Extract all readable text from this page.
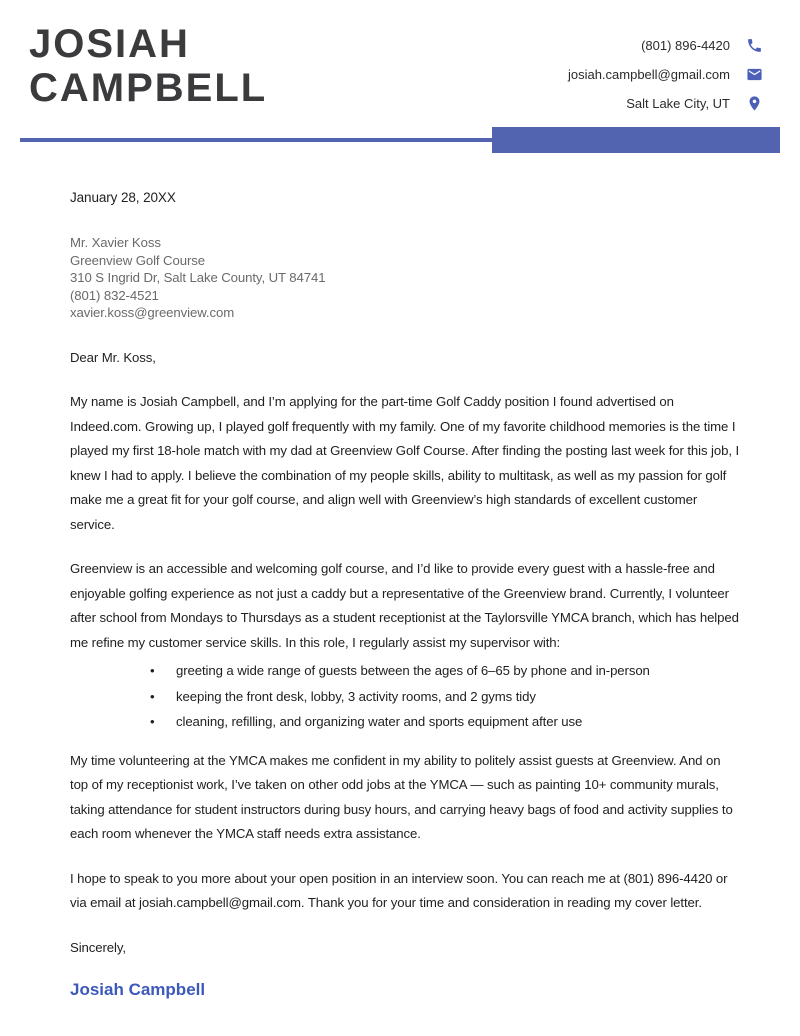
JOSIAH
CAMPBELL
(801) 896-4420
josiah.campbell@gmail.com
Salt Lake City, UT
January 28, 20XX
Mr. Xavier Koss
Greenview Golf Course
310 S Ingrid Dr, Salt Lake County, UT 84741
(801) 832-4521
xavier.koss@greenview.com
Dear Mr. Koss,
My name is Josiah Campbell, and I’m applying for the part-time Golf Caddy position I found advertised on Indeed.com. Growing up, I played golf frequently with my family. One of my favorite childhood memories is the time I played my first 18-hole match with my dad at Greenview Golf Course. After finding the posting last week for this job, I knew I had to apply. I believe the combination of my people skills, ability to multitask, as well as my passion for golf make me a great fit for your golf course, and align well with Greenview’s high standards of excellent customer service.
Greenview is an accessible and welcoming golf course, and I’d like to provide every guest with a hassle-free and enjoyable golfing experience as not just a caddy but a representative of the Greenview brand. Currently, I volunteer after school from Mondays to Thursdays as a student receptionist at the Taylorsville YMCA branch, which has helped me refine my customer service skills. In this role, I regularly assist my supervisor with:
• greeting a wide range of guests between the ages of 6–65 by phone and in-person
• keeping the front desk, lobby, 3 activity rooms, and 2 gyms tidy
• cleaning, refilling, and organizing water and sports equipment after use
My time volunteering at the YMCA makes me confident in my ability to politely assist guests at Greenview. And on top of my receptionist work, I’ve taken on other odd jobs at the YMCA — such as painting 10+ community murals, taking attendance for student instructors during busy hours, and carrying heavy bags of food and activity supplies to each room whenever the YMCA staff needs extra assistance.
I hope to speak to you more about your open position in an interview soon. You can reach me at (801) 896-4420 or via email at josiah.campbell@gmail.com. Thank you for your time and consideration in reading my cover letter.
Sincerely,
Josiah Campbell
